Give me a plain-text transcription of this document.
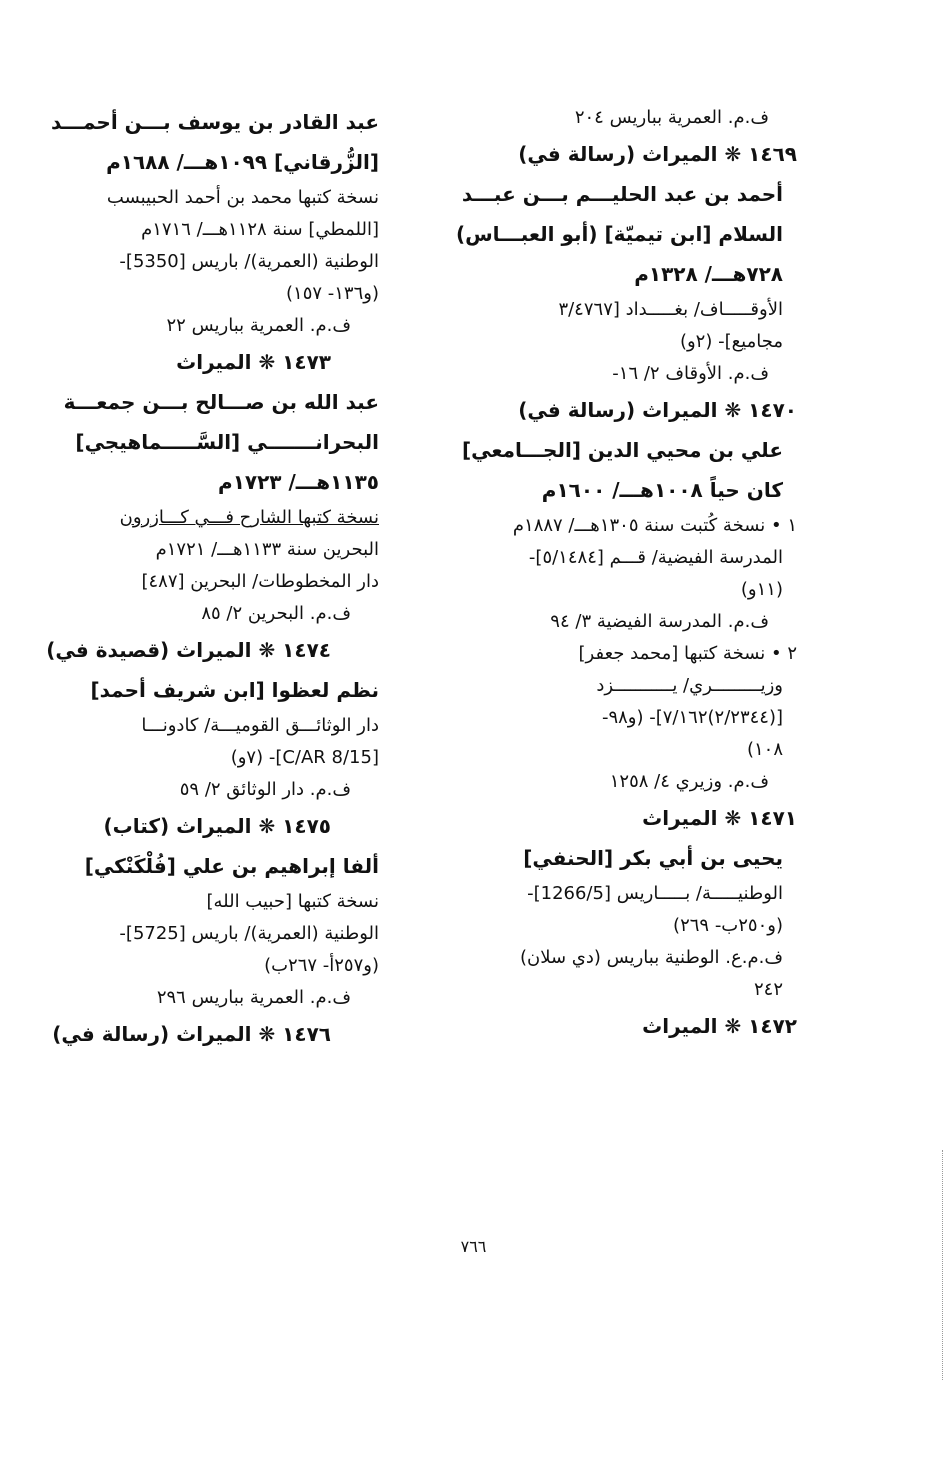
ف.م. العمرية بباريس ٢٠٤
١٤٦٩ ❋ الميراث (رسالة في)
أحمد بن عبد الحليـــم بـــن عبـــد
السلام [ابن تيميّة] (أبو العبـــاس)
٧٢٨هـــ/ ١٣٢٨م
الأوقـــــاف/ بغـــــداد [٣/٤٧٦٧
مجاميع]- (٢و)
ف.م. الأوقاف ٢/ ١٦-
١٤٧٠ ❋ الميراث (رسالة في)
علي بن محيي الدين [الجـــامعي]
كان حياً ١٠٠٨هـــ/ ١٦٠٠م
١ • نسخة كُتبت سنة ١٣٠٥هـــ/ ١٨٨٧م
المدرسة الفيضية/ قـــم [٥/١٤٨٤]-
(١١و)
ف.م. المدرسة الفيضية ٣/ ٩٤
٢ • نسخة كتبها [محمد جعفر]
وزيـــــــــري/ يـــــــــــزد
[(٢/٢٣٤٤)٧/١٦٢]- (و٩٨-
١٠٨)
ف.م. وزيري ٤/ ١٢٥٨
١٤٧١ ❋ الميراث
يحيى بن أبي بكر [الحنفي]
الوطنيـــــة/ بـــــاريس [1266/5]-
(و٢٥٠ب- ٢٦٩)
ف.م.ع. الوطنية بباريس (دي سلان)
٢٤٢
١٤٧٢ ❋ الميراث
عبد القادر بن يوسف بـــن أحمـــد
[الزُّرقاني] ١٠٩٩هـــ/ ١٦٨٨م
نسخة كتبها محمد بن أحمد الحبيبسب
[اللمطي] سنة ١١٢٨هـــ/ ١٧١٦م
الوطنية (العمرية)/ باريس [5350]-
(و١٣٦- ١٥٧)
ف.م. العمرية بباريس ٢٢
١٤٧٣ ❋ الميراث
عبد الله بن صـــالح بـــن جمعـــة
البحرانـــــــي [السَّـــــماهيجي]
١١٣٥هـــ/ ١٧٢٣م
نسخة كتبها الشارح فـــي كـــازرون
البحرين سنة ١١٣٣هـــ/ ١٧٢١م
دار المخطوطات/ البحرين [٤٨٧]
ف.م. البحرين ٢/ ٨٥
١٤٧٤ ❋ الميراث (قصيدة في)
نظم لعظوا [ابن شريف أحمد]
دار الوثائـــق القوميـــة/ كادونـــا
[C/AR 8/15]- (٧و)
ف.م. دار الوثائق ٢/ ٥٩
١٤٧٥ ❋ الميراث (كتاب)
ألفا إبراهيم بن علي [فُلْكَنْكي]
نسخة كتبها [حبيب الله]
الوطنية (العمرية)/ باريس [5725]-
(و٢٥٧أ- ٢٦٧ب)
ف.م. العمرية بباريس ٢٩٦
١٤٧٦ ❋ الميراث (رسالة في)
٧٦٦
